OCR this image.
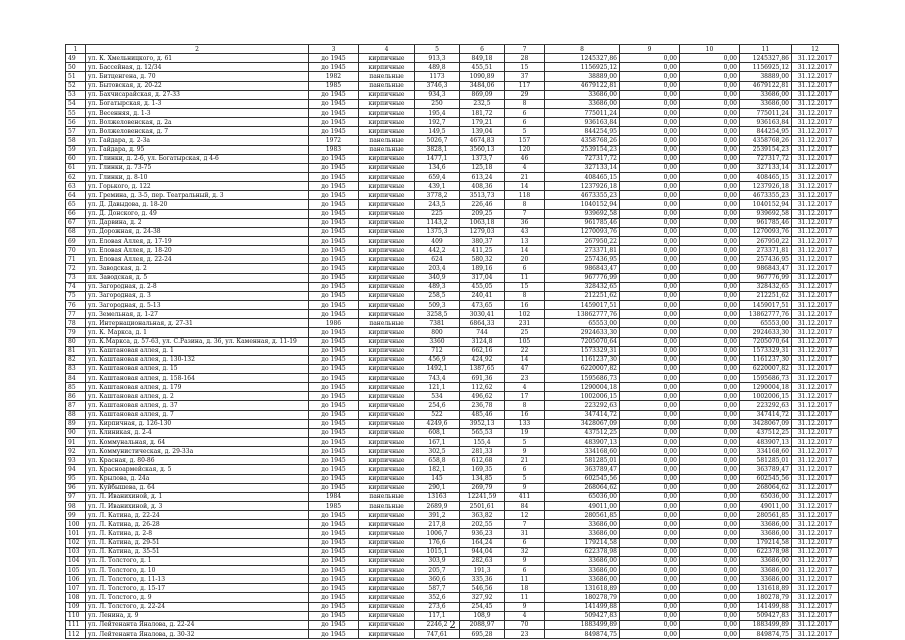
1	2	3	4	5	6	7	8	9	10	11	12
49	ул. К. Хмельницкого, д. 61	до 1945	кирпичные	913,3	849,18	28	1245327,86	0,00	0,00	1245327,86	31.12.2017
50	ул. Бассейная, д. 12/34	до 1945	кирпичные	489,8	455,51	15	1156925,12	0,00	0,00	1156925,12	31.12.2017
51	ул. Битценгена, д. 70	1982	панельные	1173	1090,89	37	38889,00	0,00	0,00	38889,00	31.12.2017
52	ул. Бытовская, д. 20-22	1985	панельные	3746,3	3484,06	117	4679122,81	0,00	0,00	4679122,81	31.12.2017
53	ул. Бахчисарайская, д. 27-33	до 1945	кирпичные	934,3	869,09	29	33686,00	0,00	0,00	33686,00	31.12.2017
54	ул. Богатырская, д. 1-3	до 1945	кирпичные	250	232,5	8	33686,00	0,00	0,00	33686,00	31.12.2017
55	ул. Весенняя, д. 1-3	до 1945	кирпичные	195,4	181,72	6	775011,24	0,00	0,00	775011,24	31.12.2017
56	ул. Волжеловенская, д. 2а	до 1945	кирпичные	192,7	179,21	6	936163,84	0,00	0,00	936163,84	31.12.2017
57	ул. Волжеловенская, д. 7	до 1945	кирпичные	149,5	139,04	5	844254,95	0,00	0,00	844254,95	31.12.2017
58	ул. Гайдара, д. 2-3а	1972	панельные	5026,7	4674,83	157	4358768,26	0,00	0,00	4358768,26	31.12.2017
59	ул. Гайдара, д. 95	1983	панельные	3828,1	3560,13	120	2539154,23	0,00	0,00	2539154,23	31.12.2017
60	ул. Глинки, д. 2-6, ул. Богатырская, д 4-6	до 1945	кирпичные	1477,1	1373,7	46	727317,72	0,00	0,00	727317,72	31.12.2017
61	ул. Глинки, д. 73-75	до 1945	кирпичные	134,6	125,18	4	327133,14	0,00	0,00	327133,14	31.12.2017
62	ул. Глинки, д. 8-10	до 1945	кирпичные	659,4	613,24	21	408465,15	0,00	0,00	408465,15	31.12.2017
63	ул. Горького, д. 122	до 1945	кирпичные	439,1	408,36	14	1237926,18	0,00	0,00	1237926,18	31.12.2017
64	ул. Гремина, д. 3-5, пер. Театральный, д. 3	до 1945	кирпичные	3778,2	3513,73	118	4673355,23	0,00	0,00	4673355,23	31.12.2017
65	ул. Д. Давыдова, д. 18-20	до 1945	кирпичные	243,5	226,46	8	1040152,94	0,00	0,00	1040152,94	31.12.2017
66	ул. Д. Донского, д. 49	до 1945	кирпичные	225	209,25	7	939692,58	0,00	0,00	939692,58	31.12.2017
67	ул. Дарвина, д. 2	до 1945	кирпичные	1143,2	1063,18	36	961785,46	0,00	0,00	961785,46	31.12.2017
68	ул. Дорожная, д. 24-38	до 1945	кирпичные	1375,3	1279,03	43	1270093,76	0,00	0,00	1270093,76	31.12.2017
69	ул. Еловая Аллея, д. 17-19	до 1945	кирпичные	409	380,37	13	267950,22	0,00	0,00	267950,22	31.12.2017
70	ул. Еловая Аллея, д. 18-20	до 1945	кирпичные	442,2	411,25	14	273371,81	0,00	0,00	273371,81	31.12.2017
71	ул. Еловая Аллея, д. 22-24	до 1945	кирпичные	624	580,32	20	257436,95	0,00	0,00	257436,95	31.12.2017
72	ул. Заводская, д. 2	до 1945	кирпичные	203,4	189,16	6	986843,47	0,00	0,00	986843,47	31.12.2017
73	пл. Заводская, д. 5	до 1945	кирпичные	340,9	317,04	11	967776,99	0,00	0,00	967776,99	31.12.2017
74	ул. Загородная, д. 2-8	до 1945	кирпичные	489,3	455,05	15	328432,65	0,00	0,00	328432,65	31.12.2017
75	ул. Загородная, д. 3	до 1945	кирпичные	258,5	240,41	8	212251,62	0,00	0,00	212251,62	31.12.2017
76	ул. Загородная, д. 5-13	до 1945	кирпичные	509,3	473,65	16	1459017,51	0,00	0,00	1459017,51	31.12.2017
77	ул. Земельная, д. 1-27	до 1945	кирпичные	3258,5	3030,41	102	13862777,76	0,00	0,00	13862777,76	31.12.2017
78	ул. Интернациональная, д. 27-31	1986	панельные	7381	6864,33	231	65553,00	0,00	0,00	65553,00	31.12.2017
79	ул. К. Маркса, д. 1	до 1945	кирпичные	800	744	25	2924633,30	0,00	0,00	2924633,30	31.12.2017
80	ул. К.Маркса, д. 57-63, ул. С.Разина, д. 36, ул. Каменная, д. 11-19	до 1945	кирпичные	3360	3124,8	105	7205070,64	0,00	0,00	7205070,64	31.12.2017
81	ул. Каштановая аллея, д. 1	до 1945	кирпичные	712	662,16	22	1573329,31	0,00	0,00	1573329,31	31.12.2017
82	ул. Каштановая аллея, д. 130-132	до 1945	кирпичные	456,9	424,92	14	1161237,30	0,00	0,00	1161237,30	31.12.2017
83	ул. Каштановая аллея, д. 15	до 1945	кирпичные	1492,1	1387,65	47	6220007,82	0,00	0,00	6220007,82	31.12.2017
84	ул. Каштановая аллея, д. 158-164	до 1945	кирпичные	743,4	691,36	23	1595686,73	0,00	0,00	1595686,73	31.12.2017
85	ул. Каштановая аллея, д. 179	до 1945	кирпичные	121,1	112,62	4	1290004,18	0,00	0,00	1290004,18	31.12.2017
86	ул. Каштановая аллея, д. 2	до 1945	кирпичные	534	496,62	17	1002006,15	0,00	0,00	1002006,15	31.12.2017
87	ул. Каштановая аллея, д. 37	до 1945	кирпичные	254,6	236,78	8	223292,63	0,00	0,00	223292,63	31.12.2017
88	ул. Каштановая аллея, д. 7	до 1945	кирпичные	522	485,46	16	347414,72	0,00	0,00	347414,72	31.12.2017
89	ул. Кирпичная, д. 126-130	до 1945	кирпичные	4249,6	3952,13	133	3428067,09	0,00	0,00	3428067,09	31.12.2017
90	ул. Клиникая, д. 2-4	до 1945	кирпичные	608,1	565,53	19	437512,25	0,00	0,00	437512,25	31.12.2017
91	ул. Коммунальная, д. 64	до 1945	кирпичные	167,1	155,4	5	483907,13	0,00	0,00	483907,13	31.12.2017
92	ул. Коммунистическая, д. 29-33а	до 1945	кирпичные	302,5	281,33	9	334168,60	0,00	0,00	334168,60	31.12.2017
93	ул. Красная, д. 80-86	до 1945	кирпичные	658,8	612,68	21	581285,01	0,00	0,00	581285,01	31.12.2017
94	ул. Красноармейская, д. 5	до 1945	кирпичные	182,1	169,35	6	363789,47	0,00	0,00	363789,47	31.12.2017
95	ул. Крылова, д. 24а	до 1945	кирпичные	145	134,85	5	602545,56	0,00	0,00	602545,56	31.12.2017
96	ул. Куйбышева, д. 64	до 1945	кирпичные	290,1	269,79	9	268064,62	0,00	0,00	268064,62	31.12.2017
97	ул. Л. Иванихиной, д. 1	1984	панельные	13163	12241,59	411	65036,00	0,00	0,00	65036,00	31.12.2017
98	ул. Л. Иванихиной, д. 3	1985	панельные	2689,9	2501,61	84	49011,00	0,00	0,00	49011,00	31.12.2017
99	ул. Л. Катина, д. 22-24	до 1945	кирпичные	391,2	363,82	12	280561,85	0,00	0,00	280561,85	31.12.2017
100	ул. Л. Катина, д. 26-28	до 1945	кирпичные	217,8	202,55	7	33686,00	0,00	0,00	33686,00	31.12.2017
101	ул. Л. Катина, д. 2-8	до 1945	кирпичные	1006,7	936,23	31	33686,00	0,00	0,00	33686,00	31.12.2017
102	ул. Л. Катина, д. 29-51	до 1945	кирпичные	176,6	164,24	6	179214,58	0,00	0,00	179214,58	31.12.2017
103	ул. Л. Катина, д. 35-51	до 1945	кирпичные	1015,1	944,04	32	622378,98	0,00	0,00	622378,98	31.12.2017
104	ул. Л. Толстого, д. 1	до 1945	кирпичные	303,9	282,63	9	33686,00	0,00	0,00	33686,00	31.12.2017
105	ул. Л. Толстого, д. 10	до 1945	кирпичные	205,7	191,3	6	33686,00	0,00	0,00	33686,00	31.12.2017
106	ул. Л. Толстого, д. 11-13	до 1945	кирпичные	360,6	335,36	11	33686,00	0,00	0,00	33686,00	31.12.2017
107	ул. Л. Толстого, д. 15-17	до 1945	кирпичные	587,7	546,56	18	131618,89	0,00	0,00	131618,89	31.12.2017
108	ул. Л. Толстого, д. 9	до 1945	кирпичные	352,6	327,92	11	180278,79	0,00	0,00	180278,79	31.12.2017
109	ул. Л. Толстого, д. 22-24	до 1945	кирпичные	273,6	254,45	9	141499,88	0,00	0,00	141499,88	31.12.2017
110	ул. Ленина, д. 9	до 1945	кирпичные	117,1	108,9	4	509427,83	0,00	0,00	509427,83	31.12.2017
111	ул. Лейтенанта Яналова, д. 22-24	до 1945	кирпичные	2246,2	2088,97	70	1883499,89	0,00	0,00	1883499,89	31.12.2017
112	ул. Лейтенанта Яналова, д. 30-32	до 1945	кирпичные	747,61	695,28	23	849874,75	0,00	0,00	849874,75	31.12.2017
2
